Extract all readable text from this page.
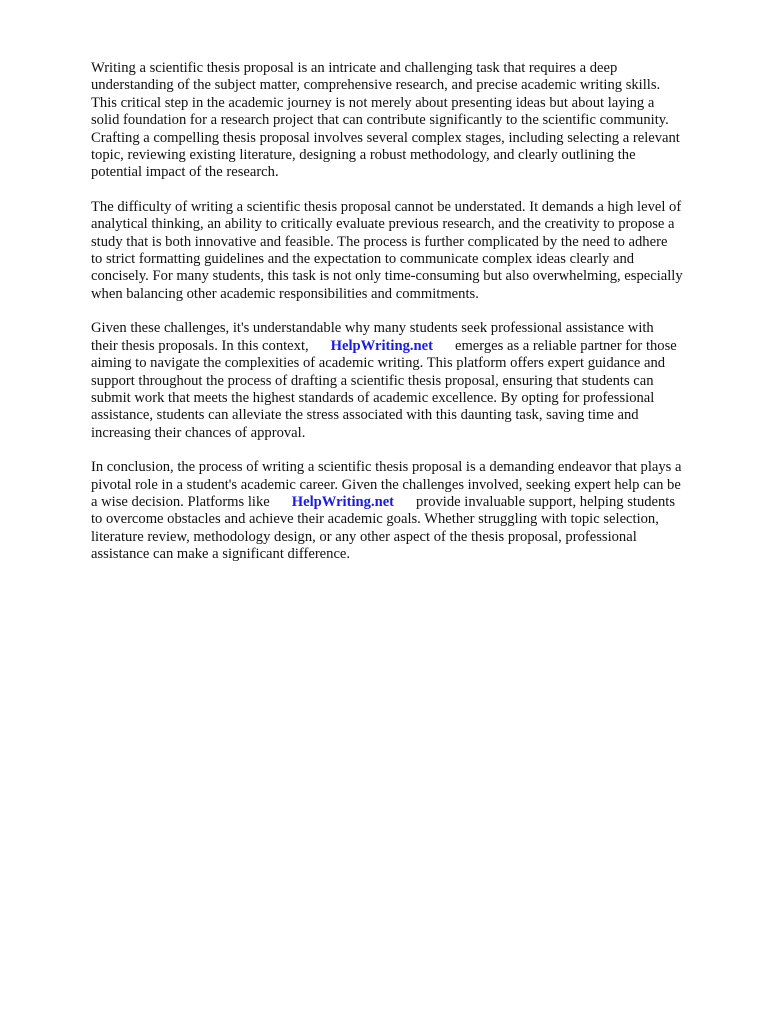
Writing a scientific thesis proposal is an intricate and challenging task that requires a deep
understanding of the subject matter, comprehensive research, and precise academic writing skills.
This critical step in the academic journey is not merely about presenting ideas but about laying a
solid foundation for a research project that can contribute significantly to the scientific community.
Crafting a compelling thesis proposal involves several complex stages, including selecting a relevant
topic, reviewing existing literature, designing a robust methodology, and clearly outlining the
potential impact of the research.
The difficulty of writing a scientific thesis proposal cannot be understated. It demands a high level of
analytical thinking, an ability to critically evaluate previous research, and the creativity to propose a
study that is both innovative and feasible. The process is further complicated by the need to adhere
to strict formatting guidelines and the expectation to communicate complex ideas clearly and
concisely. For many students, this task is not only time-consuming but also overwhelming, especially
when balancing other academic responsibilities and commitments.
Given these challenges, it's understandable why many students seek professional assistance with
their thesis proposals. In this context, HelpWriting.net emerges as a reliable partner for those
aiming to navigate the complexities of academic writing. This platform offers expert guidance and
support throughout the process of drafting a scientific thesis proposal, ensuring that students can
submit work that meets the highest standards of academic excellence. By opting for professional
assistance, students can alleviate the stress associated with this daunting task, saving time and
increasing their chances of approval.
In conclusion, the process of writing a scientific thesis proposal is a demanding endeavor that plays a
pivotal role in a student's academic career. Given the challenges involved, seeking expert help can be
a wise decision. Platforms like HelpWriting.net provide invaluable support, helping students
to overcome obstacles and achieve their academic goals. Whether struggling with topic selection,
literature review, methodology design, or any other aspect of the thesis proposal, professional
assistance can make a significant difference.
